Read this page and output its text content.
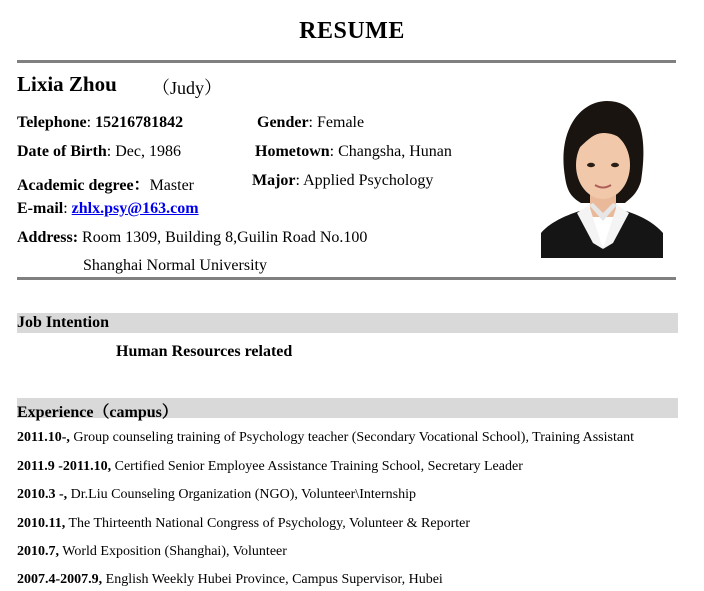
RESUME
Lixia Zhou （Judy）
Telephone: 15216781842	Gender: Female
Date of Birth: Dec, 1986	Hometown: Changsha, Hunan
Academic degree：Master	Major: Applied Psychology
E-mail: zhlx.psy@163.com
Address: Room 1309, Building 8,Guilin Road No.100
Shanghai Normal University
Job Intention
Human Resources related
Experience（campus）
2011.10-, Group counseling training of Psychology teacher (Secondary Vocational School), Training Assistant
2011.9 -2011.10, Certified Senior Employee Assistance Training School, Secretary Leader
2010.3 -, Dr.Liu Counseling Organization (NGO), Volunteer\Internship
2010.11, The Thirteenth National Congress of Psychology, Volunteer & Reporter
2010.7, World Exposition (Shanghai), Volunteer
2007.4-2007.9, English Weekly Hubei Province, Campus Supervisor, Hubei
